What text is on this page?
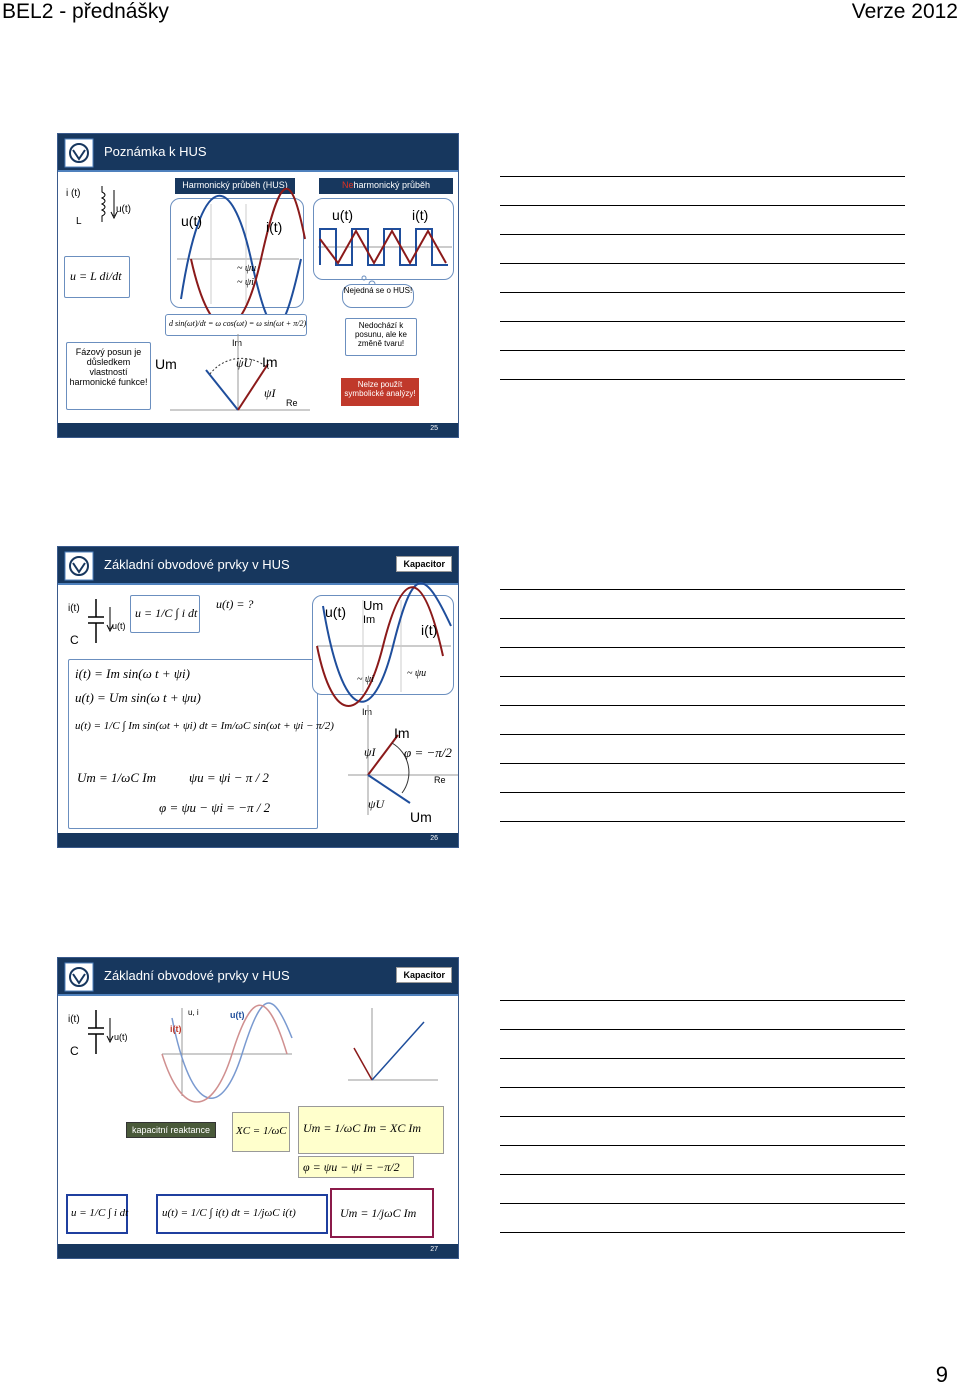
BEL2 - přednášky	Verze 2012
Poznámka k HUS
i (t)
L
u(t)
u = L di/dt
Fázový posun je důsledkem vlastností harmonické funkce!
Harmonický průběh (HUS)
u(t)	i(t)
~ ψu
~ ψi
d sin(ωt)/dt = ω cos(ωt) = ω sin(ωt + π/2)
Im
Um	ψU Im
ψI
Re
Neharmonický průběh
u(t)	i(t)
Nejedná se o HUS!
Nedochází k posunu, ale ke změně tvaru!
Nelze použít symbolické analýzy!
25
Základní obvodové prvky v HUS	Kapacitor
i(t)
C
u(t)
u = 1/C ∫ i dt
u(t) = ?
i(t) = Im sin(ω t + ψi)
u(t) = Um sin(ω t + ψu)
u(t) = 1/C ∫ Im sin(ωt + ψi) dt = Im/ωC sin(ωt + ψi − π/2)
Um = 1/ωC Im	ψu = ψi − π / 2
φ = ψu − ψi = −π / 2
u(t) Um
Im
i(t)
~ ψi
~ ψu
Im
Im
φ = −π/2
ψI
Re
ψU
Um
26
Základní obvodové prvky v HUS	Kapacitor
i(t)
C
u(t)
u, i
i(t)
u(t)
kapacitní reaktance	XC = 1/ωC Um = 1/ωC Im = XC Im
φ = ψu − ψi = −π/2
u = 1/C ∫ i dt	u(t) = 1/C ∫ i(t) dt = 1/jωC i(t)	Um = 1/jωC Im
27
9
